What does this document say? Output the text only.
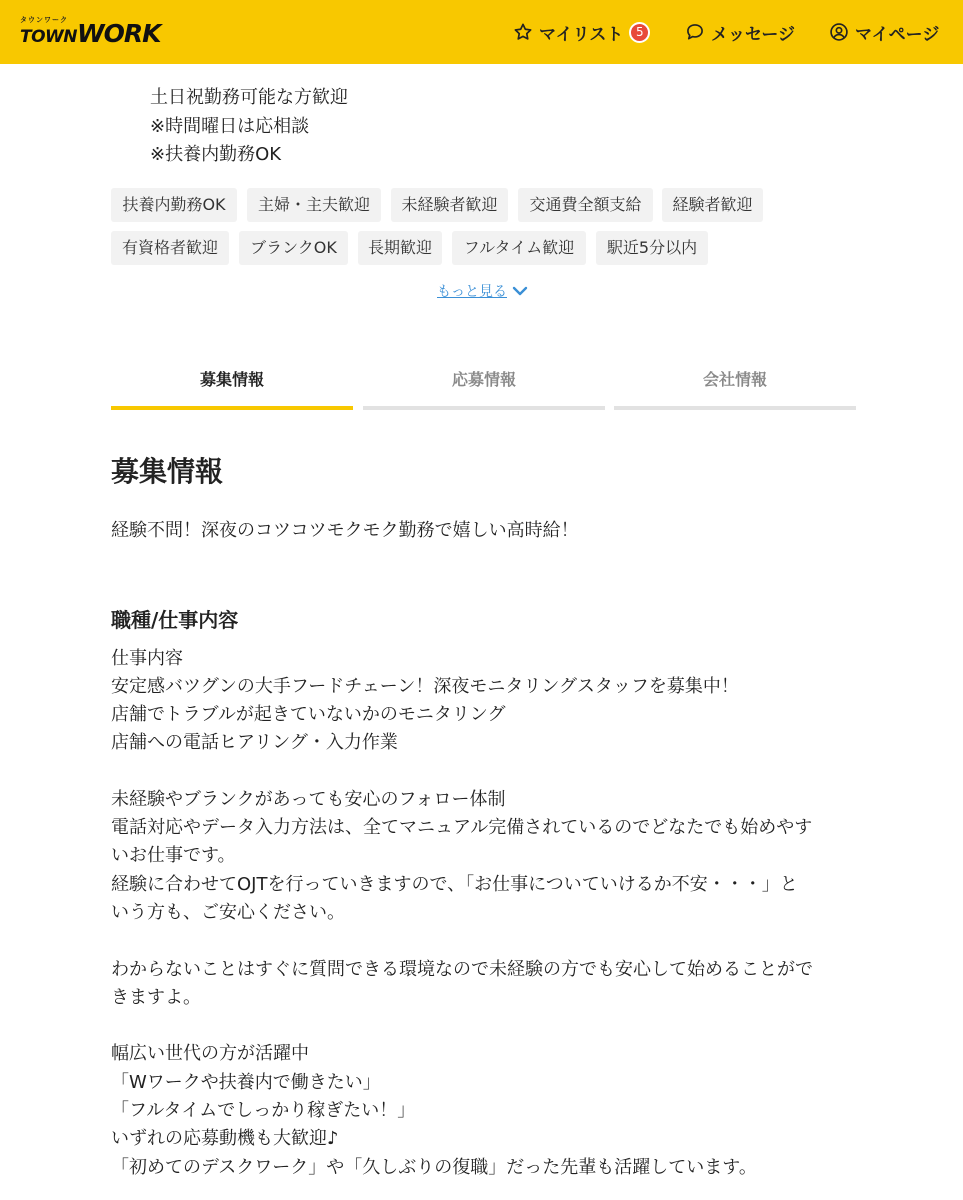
タウンワーク
TOWNWORK	マイリスト	5	メッセージ	マイページ
土日祝勤務可能な方歓迎
※時間曜日は応相談
※扶養内勤務OK
扶養内勤務OK	主婦・主夫歓迎	未経験者歓迎	交通費全額支給	経験者歓迎
有資格者歓迎	ブランクOK	長期歓迎	フルタイム歓迎	駅近5分以内
もっと見る
募集情報	応募情報	会社情報
募集情報
経験不問！深夜のコツコツモクモク勤務で嬉しい高時給！
職種/仕事内容
仕事内容
安定感バツグンの大手フードチェーン！深夜モニタリングスタッフを募集中！
店舗でトラブルが起きていないかのモニタリング
店舗への電話ヒアリング・入力作業
未経験やブランクがあっても安心のフォロー体制
電話対応やデータ入力方法は、全てマニュアル完備されているのでどなたでも始めやす
いお仕事です。
経験に合わせてOJTを行っていきますので、「お仕事についていけるか不安・・・」と
いう方も、ご安心ください。
わからないことはすぐに質問できる環境なので未経験の方でも安心して始めることがで
きますよ。
幅広い世代の方が活躍中
「Wワークや扶養内で働きたい」
「フルタイムでしっかり稼ぎたい！」
いずれの応募動機も大歓迎♪
「初めてのデスクワーク」や「久しぶりの復職」だった先輩も活躍しています。
